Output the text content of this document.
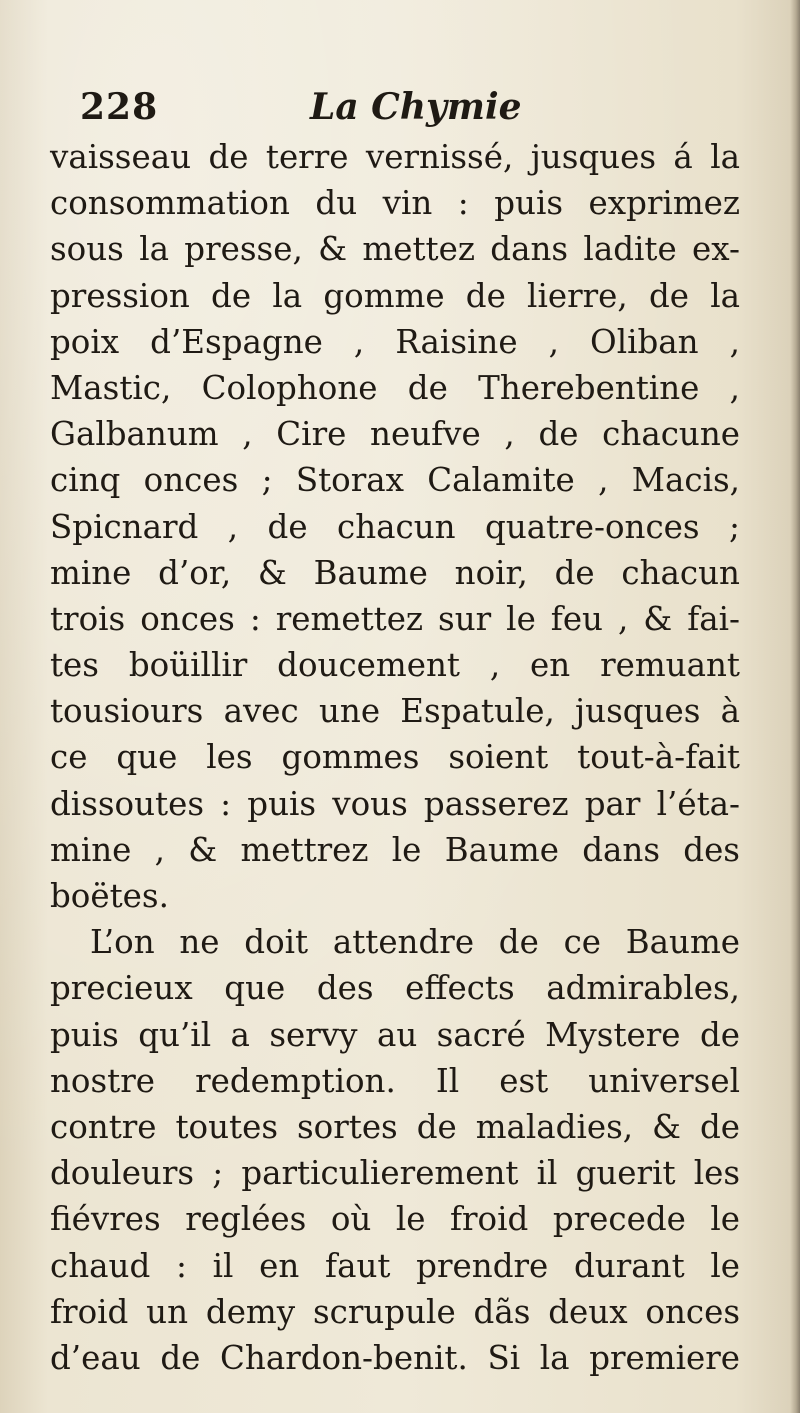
228	La Chymie
vaisseau de terre vernissé, jusques á la
consommation du vin : puis exprimez
sous la presse, & mettez dans ladite ex-
pression de la gomme de lierre, de la
poix d’Espagne , Raisine , Oliban ,
Mastic, Colophone de Therebentine ,
Galbanum , Cire neufve , de chacune
cinq onces ; Storax Calamite , Macis,
Spicnard , de chacun quatre-onces ;
mine d’or, & Baume noir, de chacun
trois onces : remettez sur le feu , & fai-
tes boüillir doucement , en remuant
tousiours avec une Espatule, jusques à
ce que les gommes soient tout-à-fait
dissoutes : puis vous passerez par l’éta-
mine , & mettrez le Baume dans des
boëtes.
L’on ne doit attendre de ce Baume
precieux que des effects admirables,
puis qu’il a servy au sacré Mystere de
nostre redemption. Il est universel
contre toutes sortes de maladies, & de
douleurs ; particulierement il guerit les
fiévres reglées où le froid precede le
chaud : il en faut prendre durant le
froid un demy scrupule dãs deux onces
d’eau de Chardon-benit. Si la premiere
